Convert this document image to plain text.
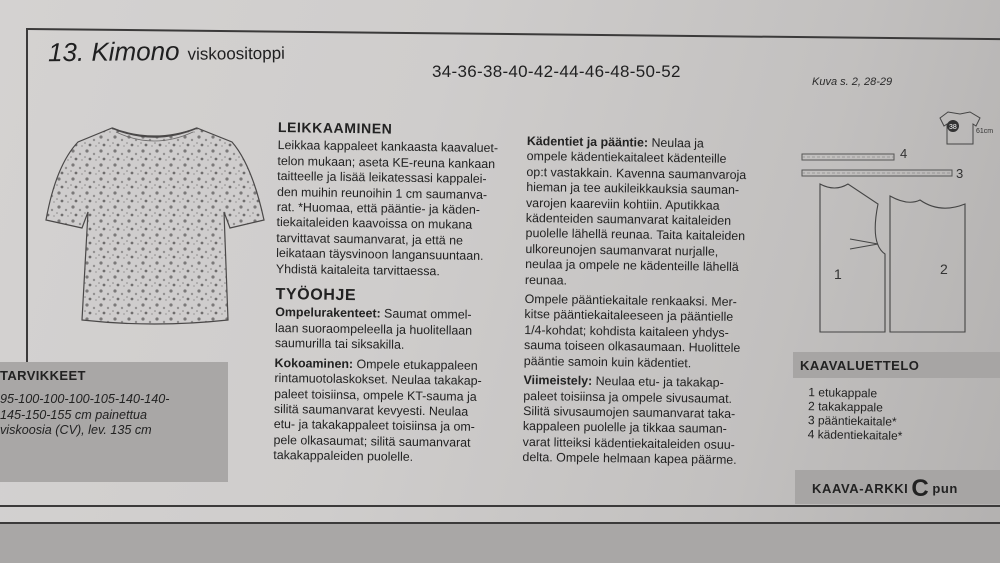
13. Kimono viskoositoppi
34-36-38-40-42-44-46-48-50-52
Kuva s. 2, 28-29

LEIKKAAMINEN

Leikkaa kappaleet kankaasta kaavaluet-
telon mukaan; aseta KE-reuna kankaan
taitteelle ja lisää leikatessasi kappalei-
den muihin reunoihin 1 cm saumanva-
rat. *Huomaa, että pääntie- ja käden-
tiekaitaleiden kaavoissa on mukana
tarvittavat saumanvarat, ja että ne
leikataan täysvinoon langansuuntaan.
Yhdistä kaitaleita tarvittaessa.

TYÖOHJE

Ompelurakenteet: Saumat ommel-
laan suoraompeleella ja huolitellaan
saumurilla tai siksakilla.

Kokoaminen: Ompele etukappaleen
rintamuotolaskokset. Neulaa takakap-
paleet toisiinsa, ompele KT-sauma ja
silitä saumanvarat kevyesti. Neulaa
etu- ja takakappaleet toisiinsa ja om-
pele olkasaumat; silitä saumanvarat
takakappaleiden puolelle.

Kädentiet ja pääntie: Neulaa ja
ompele kädentiekaitaleet kädenteille
op:t vastakkain. Kavenna saumanvaroja
hieman ja tee aukileikkauksia sauman-
varojen kaareviin kohtiin. Aputikkaa
kädenteiden saumanvarat kaitaleiden
puolelle lähellä reunaa. Taita kaitaleiden
ulkoreunojen saumanvarat nurjalle,
neulaa ja ompele ne kädenteille lähellä
reunaa.

Ompele pääntiekaitale renkaaksi. Mer-
kitse pääntiekaitaleeseen ja pääntielle
1/4-kohdat; kohdista kaitaleen yhdys-
sauma toiseen olkasaumaan. Huolittele
pääntie samoin kuin kädentiet.

Viimeistely: Neulaa etu- ja takakap-
paleet toisiinsa ja ompele sivusaumat.
Silitä sivusaumojen saumanvarat taka-
kappaleen puolelle ja tikkaa sauman-
varat litteiksi kädentiekaitaleiden osuu-
delta. Ompele helmaan kapea päärme.

TARVIKKEET
95-100-100-100-105-140-140-
145-150-155 cm painettua
viskoosia (CV), lev. 135 cm
4
3
1	2
38
61cm
KAAVALUETTELO
1 etukappale
2 takakappale
3 pääntiekaitale*
4 kädentiekaitale*
KAAVA-ARKKI C pun
